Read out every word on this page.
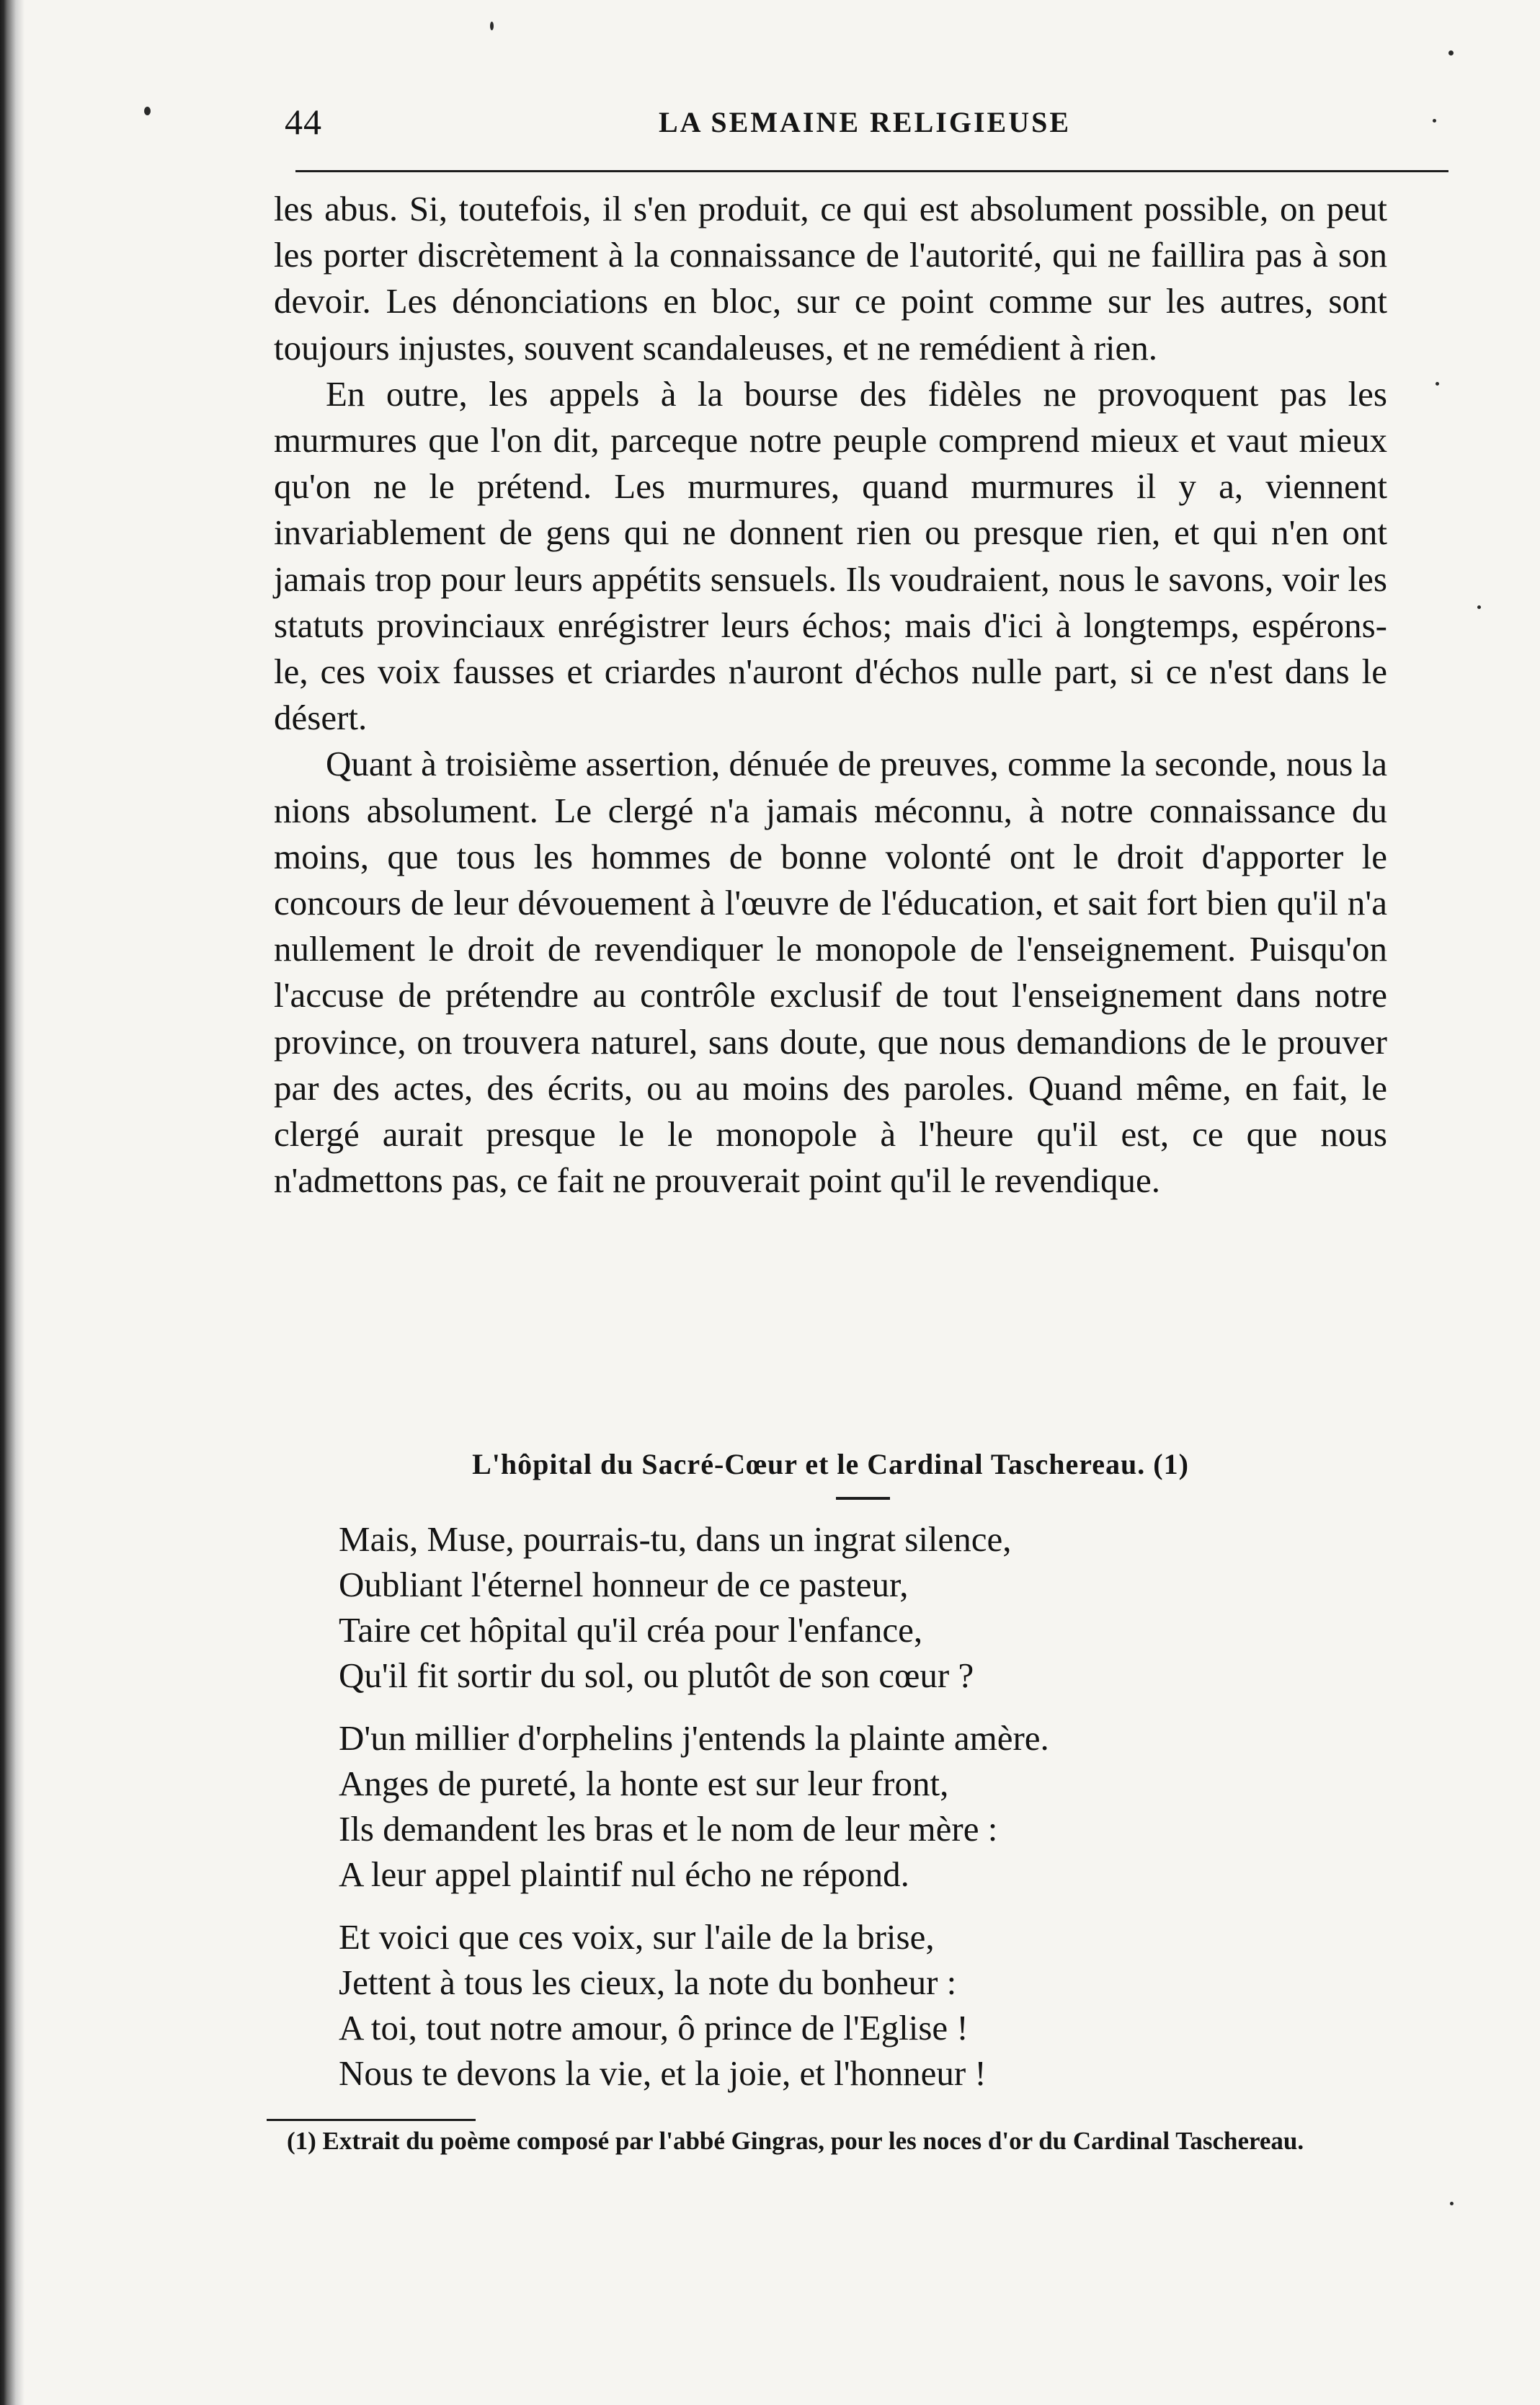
44	LA SEMAINE RELIGIEUSE

les abus. Si, toutefois, il s'en produit, ce qui est absolument possible, on peut les porter discrètement à la connaissance de l'autorité, qui ne faillira pas à son devoir. Les dénonciations en bloc, sur ce point comme sur les autres, sont toujours injustes, souvent scandaleuses, et ne remédient à rien.

En outre, les appels à la bourse des fidèles ne provoquent pas les murmures que l'on dit, parceque notre peuple comprend mieux et vaut mieux qu'on ne le prétend. Les murmures, quand murmures il y a, viennent invariablement de gens qui ne donnent rien ou presque rien, et qui n'en ont jamais trop pour leurs appétits sensuels. Ils voudraient, nous le savons, voir les statuts provinciaux enrégistrer leurs échos; mais d'ici à longtemps, espérons-le, ces voix fausses et criardes n'auront d'échos nulle part, si ce n'est dans le désert.

Quant à troisième assertion, dénuée de preuves, comme la seconde, nous la nions absolument. Le clergé n'a jamais méconnu, à notre connaissance du moins, que tous les hommes de bonne volonté ont le droit d'apporter le concours de leur dévouement à l'œuvre de l'éducation, et sait fort bien qu'il n'a nullement le droit de revendiquer le monopole de l'enseignement. Puisqu'on l'accuse de prétendre au contrôle exclusif de tout l'enseignement dans notre province, on trouvera naturel, sans doute, que nous demandions de le prouver par des actes, des écrits, ou au moins des paroles. Quand même, en fait, le clergé aurait presque le le monopole à l'heure qu'il est, ce que nous n'admettons pas, ce fait ne prouverait point qu'il le revendique.

L'hôpital du Sacré-Cœur et le Cardinal Taschereau. (1)
Mais, Muse, pourrais-tu, dans un ingrat silence,
Oubliant l'éternel honneur de ce pasteur,
Taire cet hôpital qu'il créa pour l'enfance,
Qu'il fit sortir du sol, ou plutôt de son cœur ?
D'un millier d'orphelins j'entends la plainte amère.
Anges de pureté, la honte est sur leur front,
Ils demandent les bras et le nom de leur mère :
A leur appel plaintif nul écho ne répond.
Et voici que ces voix, sur l'aile de la brise,
Jettent à tous les cieux, la note du bonheur :
A toi, tout notre amour, ô prince de l'Eglise !
Nous te devons la vie, et la joie, et l'honneur !
(1) Extrait du poème composé par l'abbé Gingras, pour les noces d'or du Cardinal Taschereau.
